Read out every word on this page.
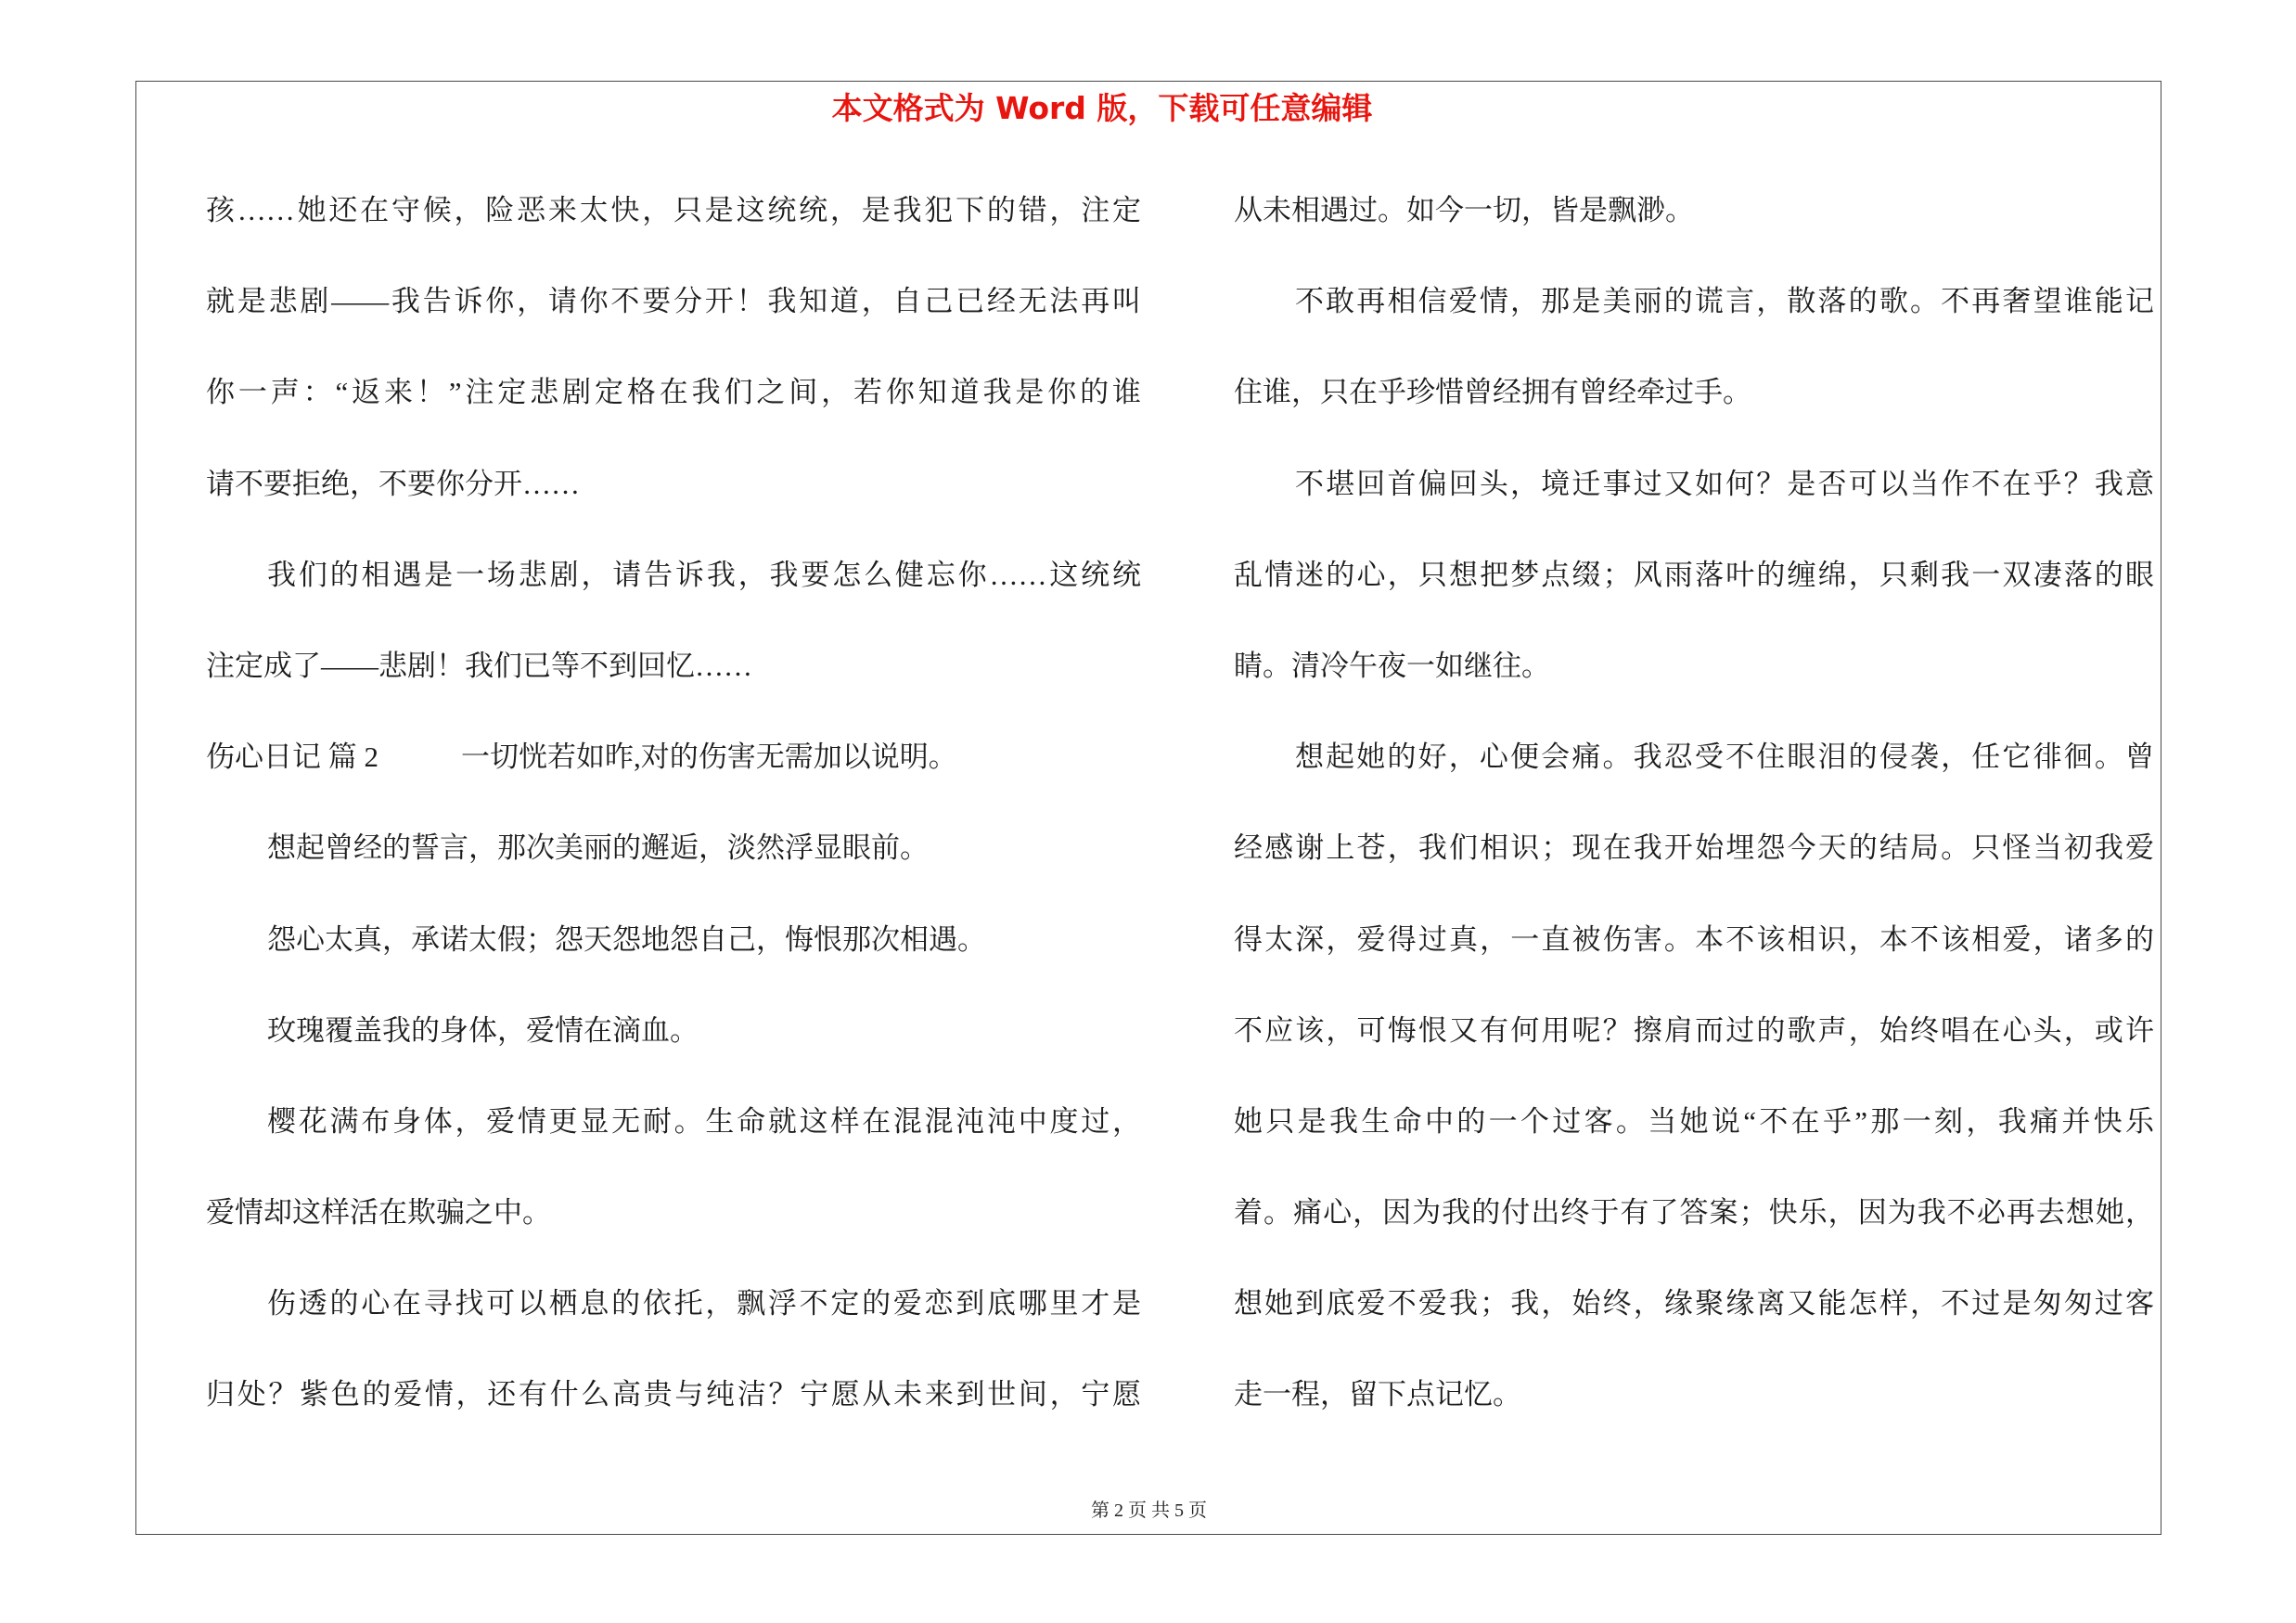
本文格式为 Word 版，下载可任意编辑
孩……她还在守候，险恶来太快，只是这统统，是我犯下的错，注定
就是悲剧——我告诉你，请你不要分开！我知道，自己已经无法再叫
你一声：“返来！”注定悲剧定格在我们之间，若你知道我是你的谁
请不要拒绝，不要你分开……
我们的相遇是一场悲剧，请告诉我，我要怎么健忘你……这统统
注定成了——悲剧！我们已等不到回忆……
伤心日记 篇 2	一切恍若如昨,对的伤害无需加以说明。
想起曾经的誓言，那次美丽的邂逅，淡然浮显眼前。
怨心太真，承诺太假；怨天怨地怨自己，悔恨那次相遇。
玫瑰覆盖我的身体，爱情在滴血。
樱花满布身体，爱情更显无耐。生命就这样在混混沌沌中度过，
爱情却这样活在欺骗之中。
伤透的心在寻找可以栖息的依托，飘浮不定的爱恋到底哪里才是
归处？紫色的爱情，还有什么高贵与纯洁？宁愿从未来到世间，宁愿
从未相遇过。如今一切，皆是飘渺。
不敢再相信爱情，那是美丽的谎言，散落的歌。不再奢望谁能记
住谁，只在乎珍惜曾经拥有曾经牵过手。
不堪回首偏回头，境迁事过又如何？是否可以当作不在乎？我意
乱情迷的心，只想把梦点缀；风雨落叶的缠绵，只剩我一双凄落的眼
睛。清冷午夜一如继往。
想起她的好，心便会痛。我忍受不住眼泪的侵袭，任它徘徊。曾
经感谢上苍，我们相识；现在我开始埋怨今天的结局。只怪当初我爱
得太深，爱得过真，一直被伤害。本不该相识，本不该相爱，诸多的
不应该，可悔恨又有何用呢？擦肩而过的歌声，始终唱在心头，或许
她只是我生命中的一个过客。当她说“不在乎”那一刻，我痛并快乐
着。痛心，因为我的付出终于有了答案；快乐，因为我不必再去想她，
想她到底爱不爱我；我，始终，缘聚缘离又能怎样，不过是匆匆过客
走一程，留下点记忆。
第 2 页 共 5 页
